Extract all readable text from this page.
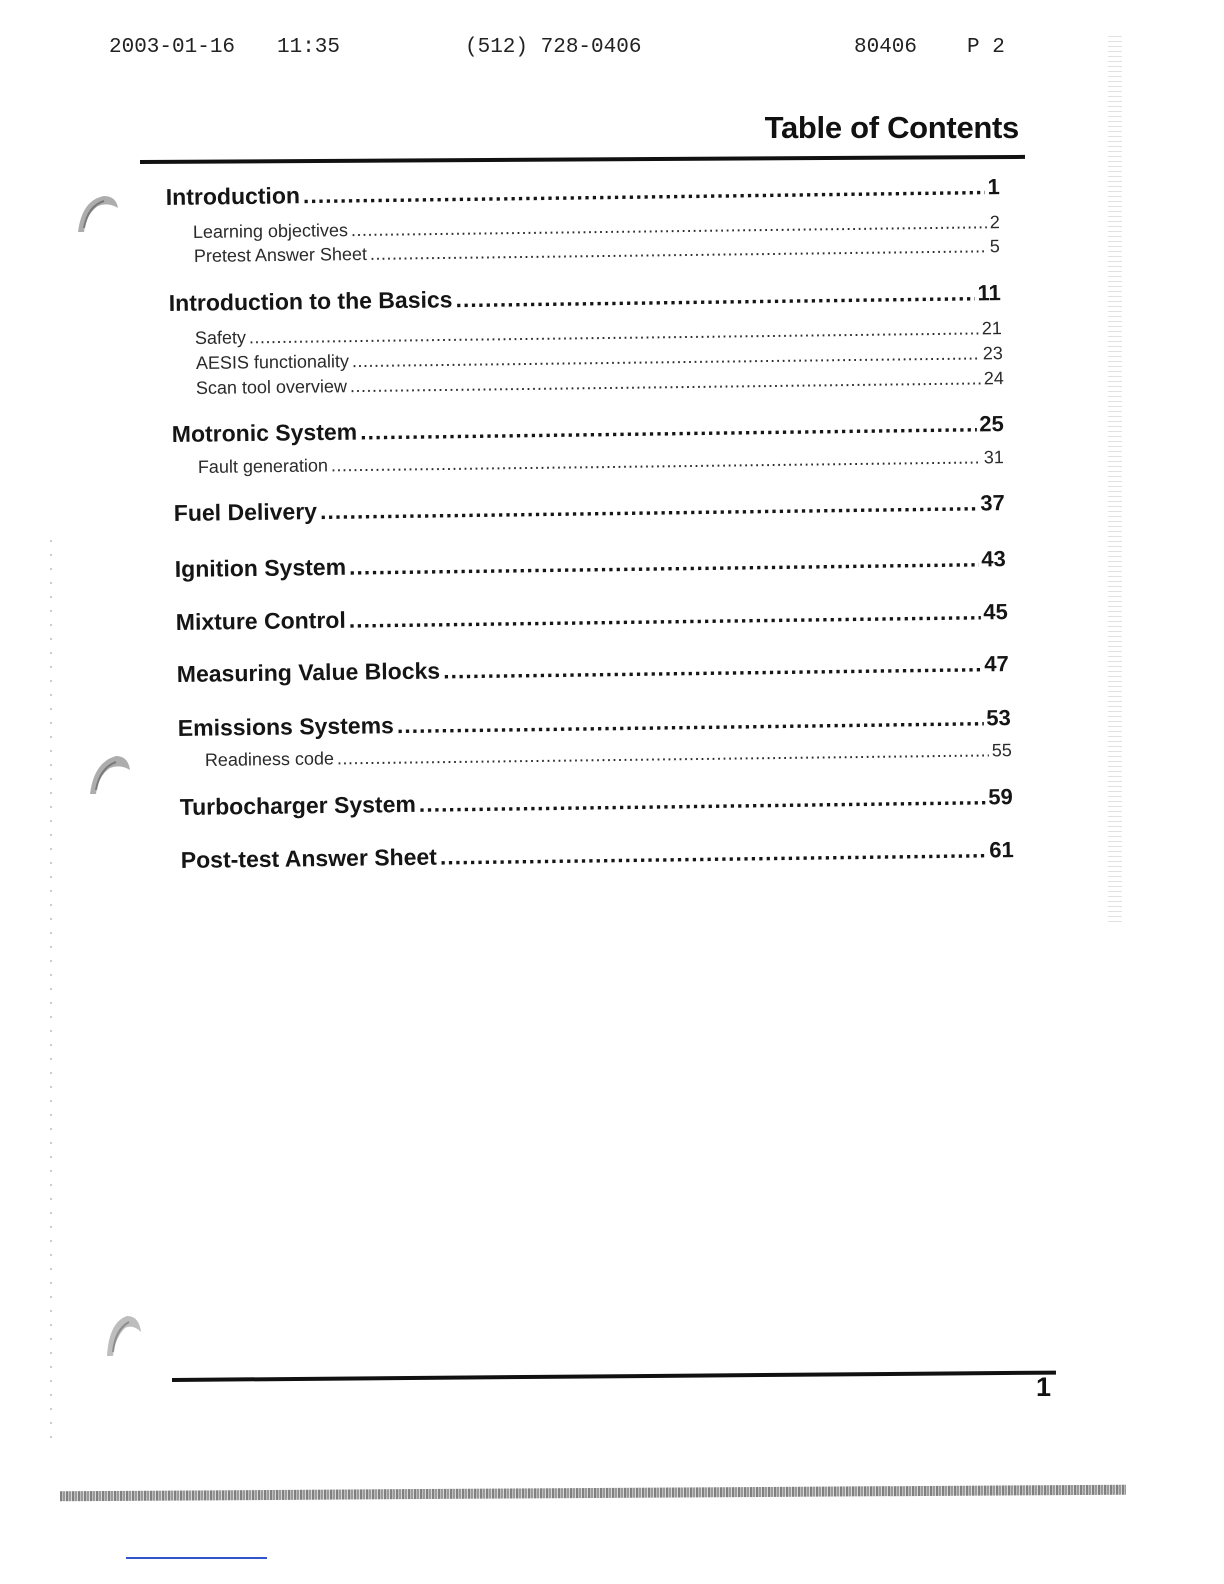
2003-01-16 11:35	(512) 728-0406	80406 P 2
Table of Contents
Introduction .....	1
Learning objectives .....	2
Pretest Answer Sheet .....	5
Introduction to the Basics .....	11
Safety .....	21
AESIS functionality .....	23
Scan tool overview .....	24
Motronic System .....	25
Fault generation .....	31
Fuel Delivery .....	37
Ignition System .....	43
Mixture Control .....	45
Measuring Value Blocks .....	47
Emissions Systems .....	53
Readiness code .....	55
Turbocharger System .....	59
Post-test Answer Sheet .....	61
1
